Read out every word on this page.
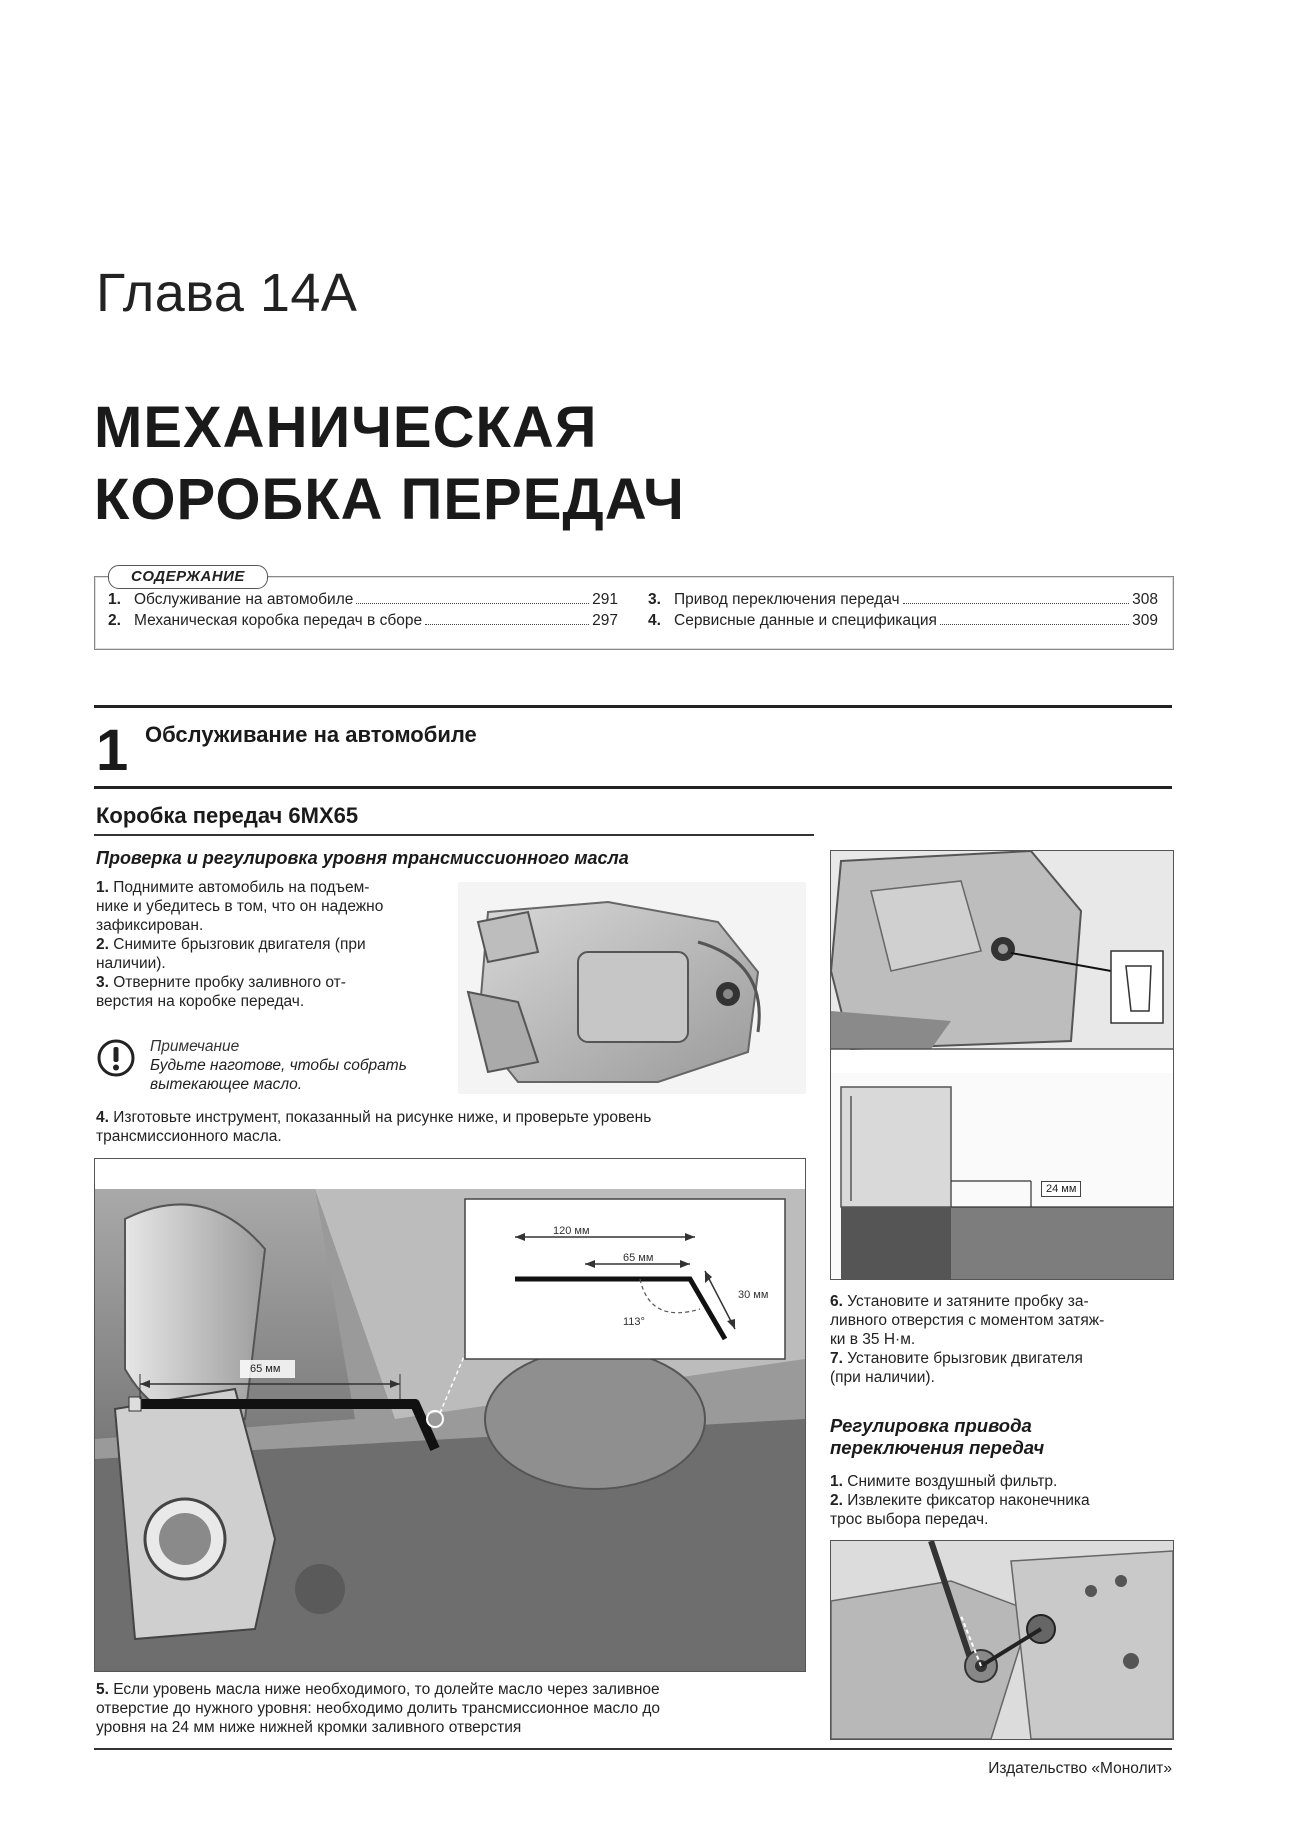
Глава 14A
МЕХАНИЧЕСКАЯ
КОРОБКА ПЕРЕДАЧ
СОДЕРЖАНИЕ
1. Обслуживание на автомобиле	291
2. Механическая коробка передач в сборе	297
3. Привод переключения передач	308
4. Сервисные данные и спецификация	309
1 Обслуживание на автомобиле
Коробка передач 6MX65
Проверка и регулировка уровня трансмиссионного масла
1. Поднимите автомобиль на подъем-
нике и убедитесь в том, что он надежно
зафиксирован.
2. Снимите брызговик двигателя (при
наличии).
3. Отверните пробку заливного от-
верстия на коробке передач.
Примечание
Будьте наготове, чтобы собрать
вытекающее масло.
4. Изготовьте инструмент, показанный на рисунке ниже, и проверьте уровень
трансмиссионного масла.
120 мм
65 мм
30 мм
113°
65 мм
5. Если уровень масла ниже необходимого, то долейте масло через заливное
отверстие до нужного уровня: необходимо долить трансмиссионное масло до
уровня на 24 мм ниже нижней кромки заливного отверстия
24 мм
6. Установите и затяните пробку за-
ливного отверстия с моментом затяж-
ки в 35 Н·м.
7. Установите брызговик двигателя
(при наличии).
Регулировка привода
переключения передач
1. Снимите воздушный фильтр.
2. Извлеките фиксатор наконечника
трос выбора передач.
Издательство «Монолит»
